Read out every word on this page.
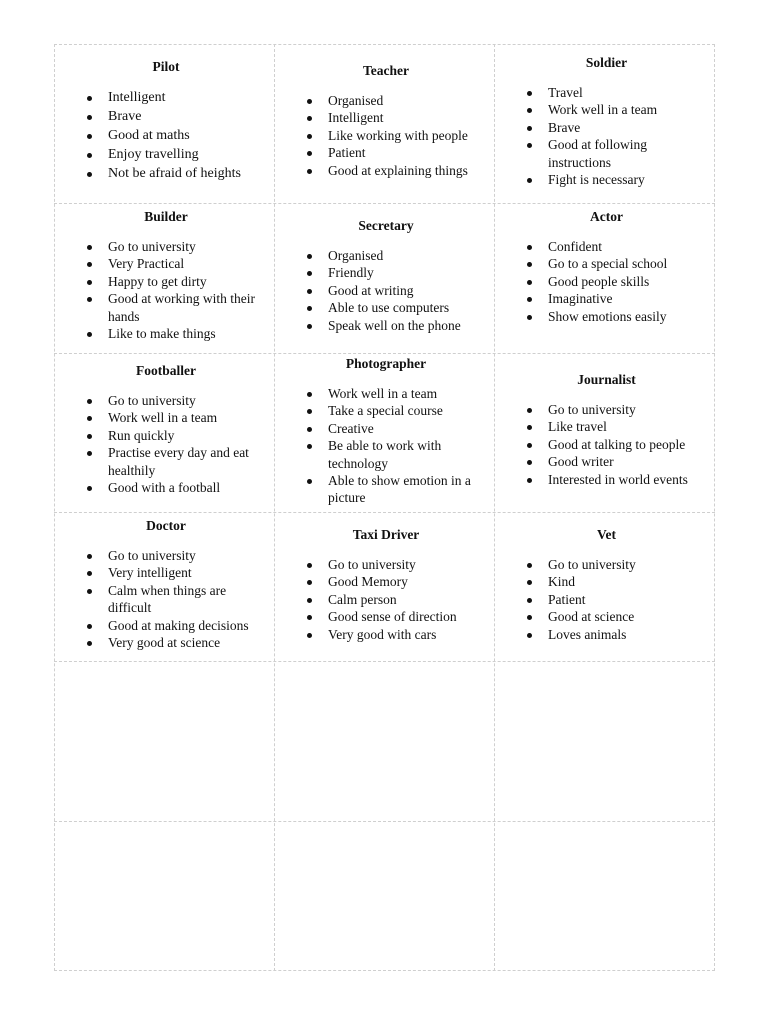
Pilot
Intelligent
Brave
Good at maths
Enjoy travelling
Not be afraid of heights
Teacher
Organised
Intelligent
Like working with people
Patient
Good at explaining things
Soldier
Travel
Work well in a team
Brave
Good at following instructions
Fight is necessary
Builder
Go to university
Very Practical
Happy to get dirty
Good at working with their hands
Like to make things
Secretary
Organised
Friendly
Good at writing
Able to use computers
Speak well on the phone
Actor
Confident
Go to a special school
Good people skills
Imaginative
Show emotions easily
Footballer
Go to university
Work well in a team
Run quickly
Practise every day and eat healthily
Good with a football
Photographer
Work well in a team
Take a special course
Creative
Be able to work with technology
Able to show emotion in a picture
Journalist
Go to university
Like travel
Good at talking to people
Good writer
Interested in world events
Doctor
Go to university
Very intelligent
Calm when things are difficult
Good at making decisions
Very good at science
Taxi Driver
Go to university
Good Memory
Calm person
Good sense of direction
Very good with cars
Vet
Go to university
Kind
Patient
Good at science
Loves animals
